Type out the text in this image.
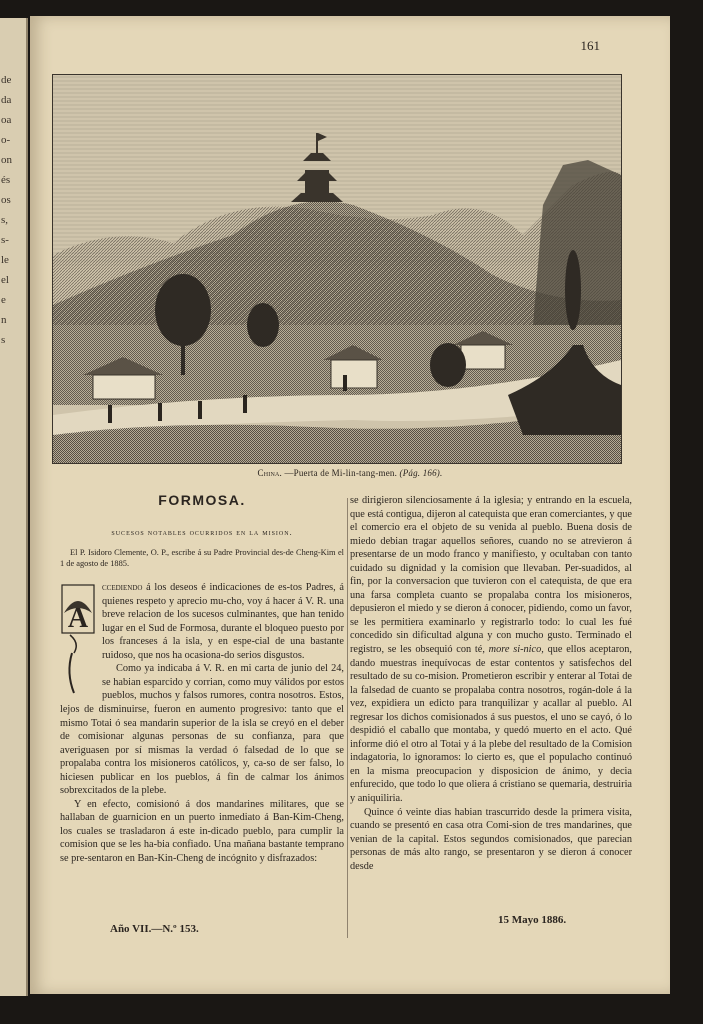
de
da
oa
o-
on
és
os
s,
s-
le
el
e
n
s

161

China. —Puerta de Mi-lin-tang-men. (Pág. 166).

FORMOSA.

sucesos notables ocurridos en la mision.

El P. Isidoro Clemente, O. P., escribe á su Padre Provincial des-de Cheng-Kim el 1 de agosto de 1885.

A
ccediendo á los deseos é indicaciones de es-tos Padres, á quienes respeto y aprecio mu-cho, voy á hacer á V. R. una breve relacion de los sucesos culminantes, que han tenido lugar en el Sud de Formosa, durante el bloqueo puesto por los franceses á la isla, y en espe-cial de una bastante ruidoso, que nos ha ocasiona-do serios disgustos.

Como ya indicaba á V. R. en mi carta de junio del 24, se habian esparcido y corrian, como muy válidos por estos pueblos, muchos y falsos rumores, contra nosotros. Estos, lejos de disminuirse, fueron en aumento progresivo: tanto que el mismo Totai ó sea mandarin superior de la isla se creyó en el deber de comisionar algunas personas de su confianza, para que averiguasen por sí mismas la verdad ó falsedad de lo que se propalaba contra los misioneros católicos, y, ca-so de ser falso, lo hiciesen publicar en los pueblos, á fin de calmar los ánimos sobrexcitados de la plebe.

Y en efecto, comisionó á dos mandarines militares, que se hallaban de guarnicion en un puerto inmediato á Ban-Kim-Cheng, los cuales se trasladaron á este in-dicado pueblo, para cumplir la comision que se les ha-bia confiado. Una mañana bastante temprano se pre-sentaron en Ban-Kin-Cheng de incógnito y disfrazados:

se dirigieron silenciosamente á la iglesia; y entrando en la escuela, que está contigua, dijeron al catequista que eran comerciantes, y que el comercio era el objeto de su venida al pueblo. Buena dosis de miedo debian tragar aquellos señores, cuando no se atrevieron á presentarse de un modo franco y manifiesto, y ocultaban con tanto cuidado su dignidad y la comision que llevaban. Per-suadidos, al fin, por la conversacion que tuvieron con el catequista, de que era una farsa completa cuanto se propalaba contra los misioneros, depusieron el miedo y se dieron á conocer, pidiendo, como un favor, se les permitiera examinarlo y registrarlo todo: lo cual les fué concedido sin dificultad alguna y con mucho gusto. Terminado el registro, se les obsequió con té, more si-nico, que ellos aceptaron, dando muestras inequívocas de estar contentos y satisfechos del resultado de su co-mision. Prometieron escribir y enterar al Totai de la falsedad de cuanto se propalaba contra nosotros, rogán-dole á la vez, expidiera un edicto para tranquilizar y acallar al pueblo. Al regresar los dichos comisionados á sus puestos, el uno se cayó, ó lo despidió el caballo que montaba, y quedó muerto en el acto. Qué informe dió el otro al Totai y á la plebe del resultado de la Comision indagatoria, lo ignoramos: lo cierto es, que el populacho continuó en la misma preocupacion y disposicion de ánimo, y decia enfurecido, que todo lo que oliera á cristiano se quemaria, destruiria y aniquiliria.

Quince ó veinte dias habian trascurrido desde la primera visita, cuando se presentó en casa otra Comi-sion de tres mandarines, que venian de la capital. Estos segundos comisionados, que parecian personas de más alto rango, se presentaron y se dieron á conocer desde

Año VII.—N.º 153.

15 Mayo 1886.
